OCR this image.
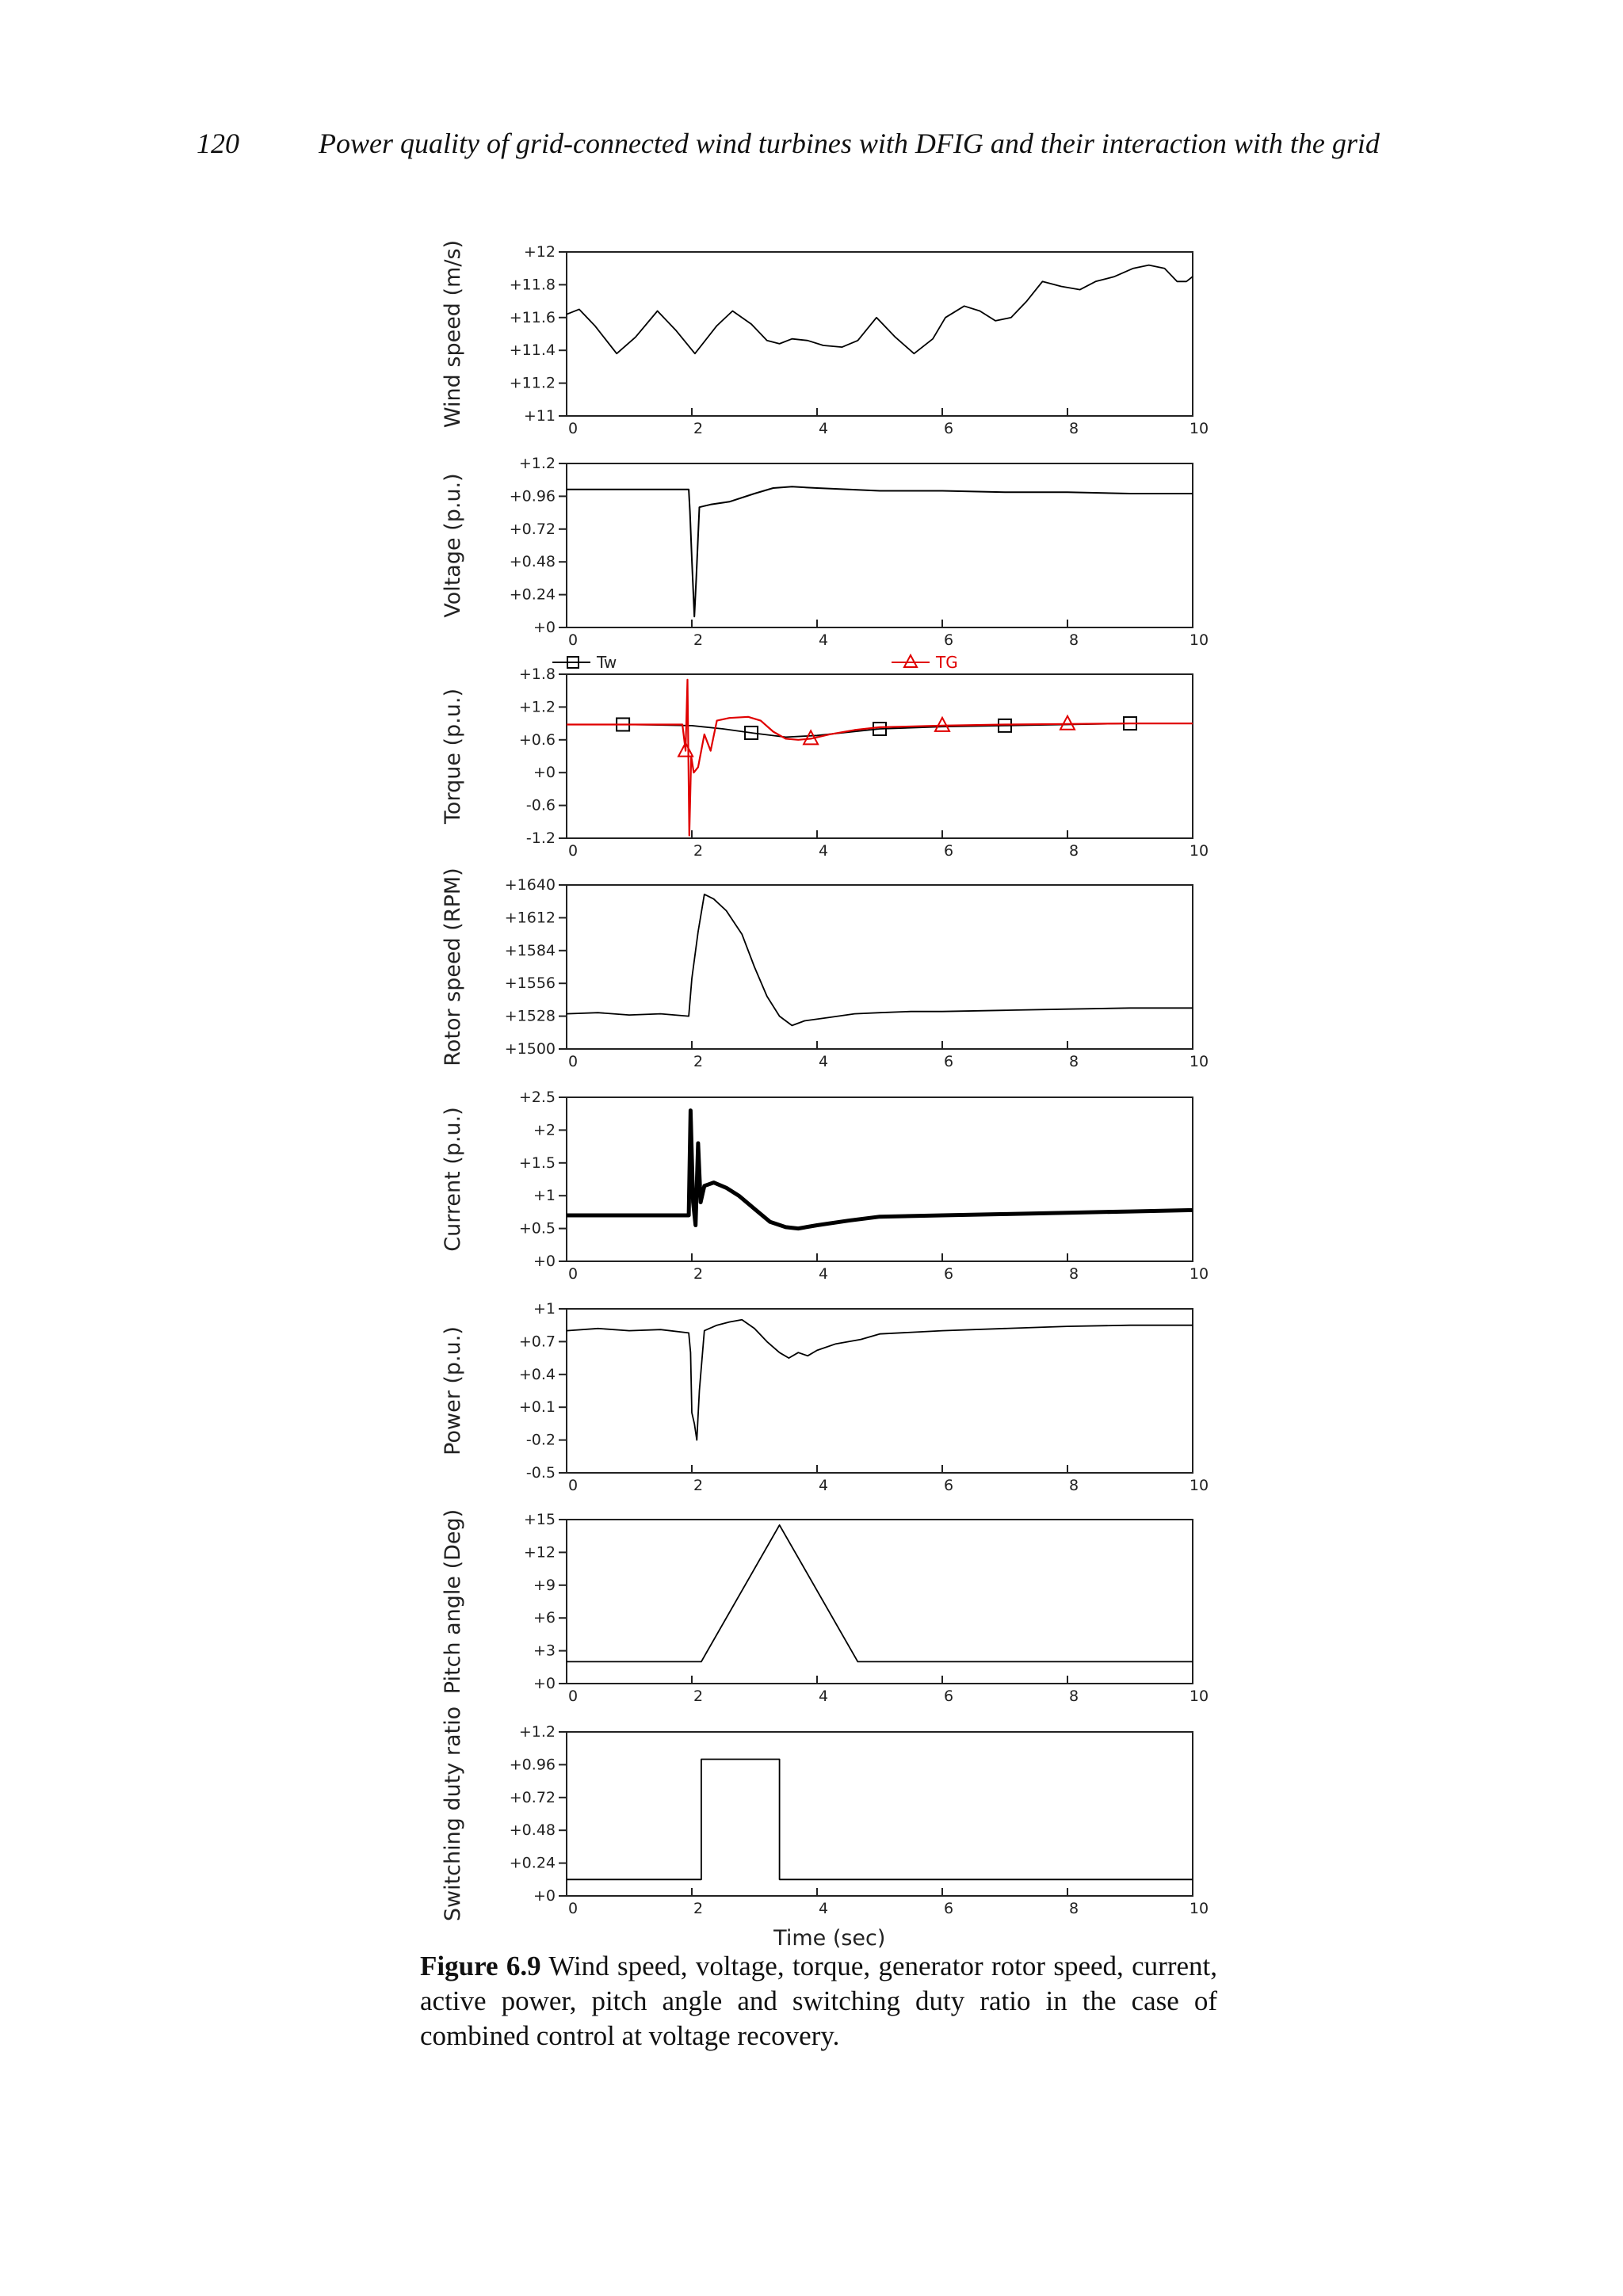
120	Power quality of grid-connected wind turbines with DFIG and their interaction with the grid
+11
+11.2
+11.4
+11.6
+11.8
+12
0	2	4	6	8	10
Wind speed (m/s)
+0
+0.24
+0.48
+0.72
+0.96
+1.2
0	2	4	6	8	10
Voltage (p.u.)
-1.2
-0.6
+0
+0.6
+1.2
+1.8
0	2	4	6	8	10
Torque (p.u.)
Tw	TG
+1500
+1528
+1556
+1584
+1612
+1640
0	2	4	6	8	10
Rotor speed (RPM)
+0
+0.5
+1
+1.5
+2
+2.5
0	2	4	6	8	10
Current (p.u.)
-0.5
-0.2
+0.1
+0.4
+0.7
+1
0	2	4	6	8	10
Power (p.u.)
+0
+3
+6
+9
+12
+15
0	2	4	6	8	10
Pitch angle (Deg)
+0
+0.24
+0.48
+0.72
+0.96
+1.2
0	2	4	6	8	10
Switching duty ratio
Time (sec)
Figure 6.9 Wind speed, voltage, torque, generator rotor speed, current, active power, pitch angle and switching duty ratio in the case of combined control at voltage recovery.
